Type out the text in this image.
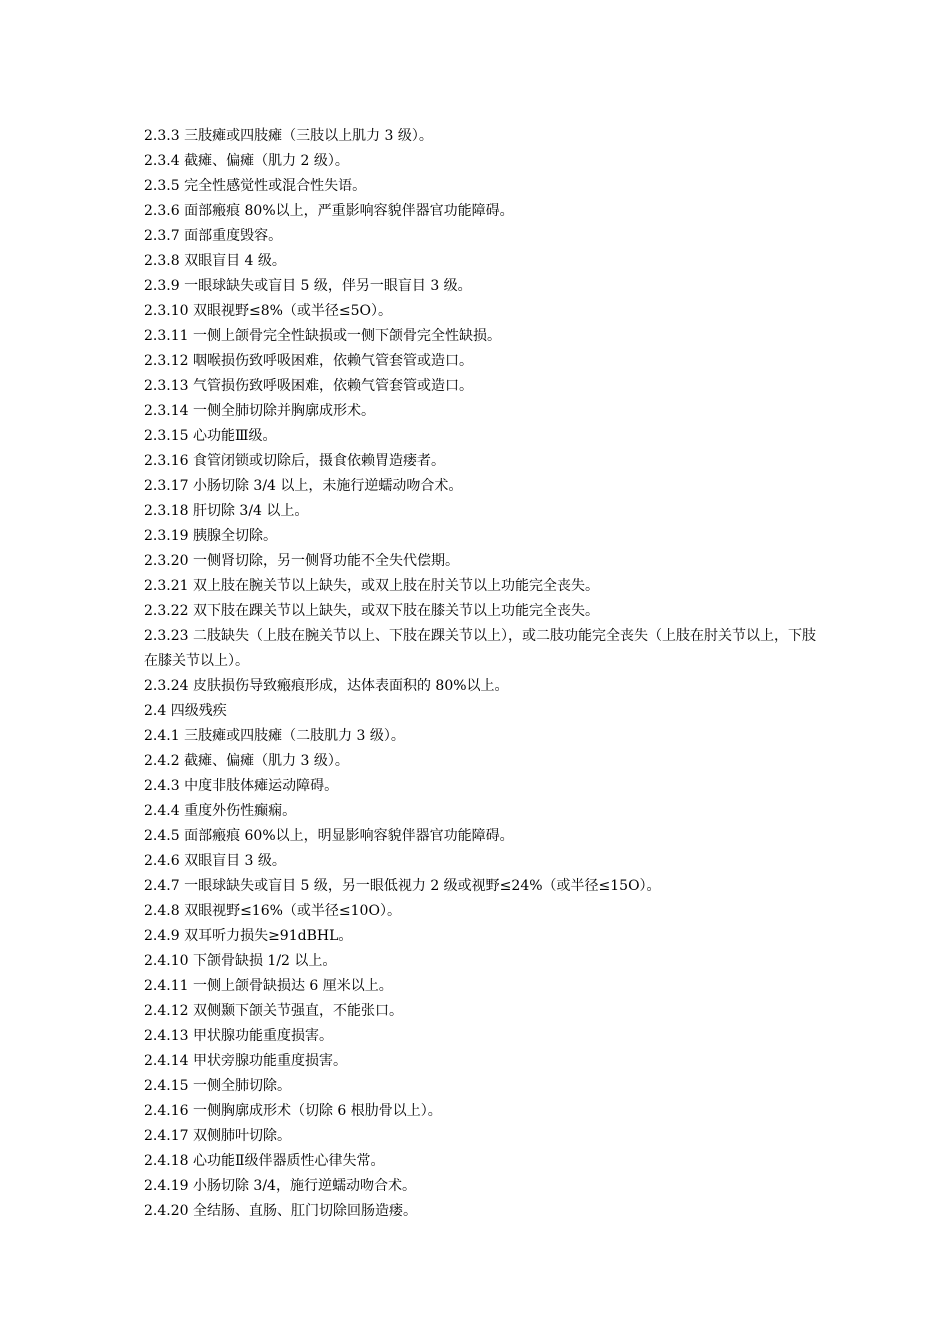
2.3.3 三肢瘫或四肢瘫（三肢以上肌力 3 级）。
2.3.4 截瘫、偏瘫（肌力 2 级）。
2.3.5 完全性感觉性或混合性失语。
2.3.6 面部瘢痕 80%以上，严重影响容貌伴器官功能障碍。
2.3.7 面部重度毁容。
2.3.8 双眼盲目 4 级。
2.3.9 一眼球缺失或盲目 5 级，伴另一眼盲目 3 级。
2.3.10 双眼视野≤8%（或半径≤5O）。
2.3.11 一侧上颌骨完全性缺损或一侧下颌骨完全性缺损。
2.3.12 咽喉损伤致呼吸困难，依赖气管套管或造口。
2.3.13 气管损伤致呼吸困难，依赖气管套管或造口。
2.3.14 一侧全肺切除并胸廓成形术。
2.3.15 心功能Ⅲ级。
2.3.16 食管闭锁或切除后，摄食依赖胃造瘘者。
2.3.17 小肠切除 3/4 以上，未施行逆蠕动吻合术。
2.3.18 肝切除 3/4 以上。
2.3.19 胰腺全切除。
2.3.20 一侧肾切除，另一侧肾功能不全失代偿期。
2.3.21 双上肢在腕关节以上缺失，或双上肢在肘关节以上功能完全丧失。
2.3.22 双下肢在踝关节以上缺失，或双下肢在膝关节以上功能完全丧失。
2.3.23 二肢缺失（上肢在腕关节以上、下肢在踝关节以上），或二肢功能完全丧失（上肢在肘关节以上，下肢在膝关节以上）。
2.3.24 皮肤损伤导致瘢痕形成，达体表面积的 80%以上。
2.4 四级残疾
2.4.1 三肢瘫或四肢瘫（二肢肌力 3 级）。
2.4.2 截瘫、偏瘫（肌力 3 级）。
2.4.3 中度非肢体瘫运动障碍。
2.4.4 重度外伤性癫痫。
2.4.5 面部瘢痕 60%以上，明显影响容貌伴器官功能障碍。
2.4.6 双眼盲目 3 级。
2.4.7 一眼球缺失或盲目 5 级，另一眼低视力 2 级或视野≤24%（或半径≤15O）。
2.4.8 双眼视野≤16%（或半径≤10O）。
2.4.9 双耳听力损失≥91dBHL。
2.4.10 下颌骨缺损 1/2 以上。
2.4.11 一侧上颌骨缺损达 6 厘米以上。
2.4.12 双侧颞下颌关节强直，不能张口。
2.4.13 甲状腺功能重度损害。
2.4.14 甲状旁腺功能重度损害。
2.4.15 一侧全肺切除。
2.4.16 一侧胸廓成形术（切除 6 根肋骨以上）。
2.4.17 双侧肺叶切除。
2.4.18 心功能Ⅱ级伴器质性心律失常。
2.4.19 小肠切除 3/4，施行逆蠕动吻合术。
2.4.20 全结肠、直肠、肛门切除回肠造瘘。
